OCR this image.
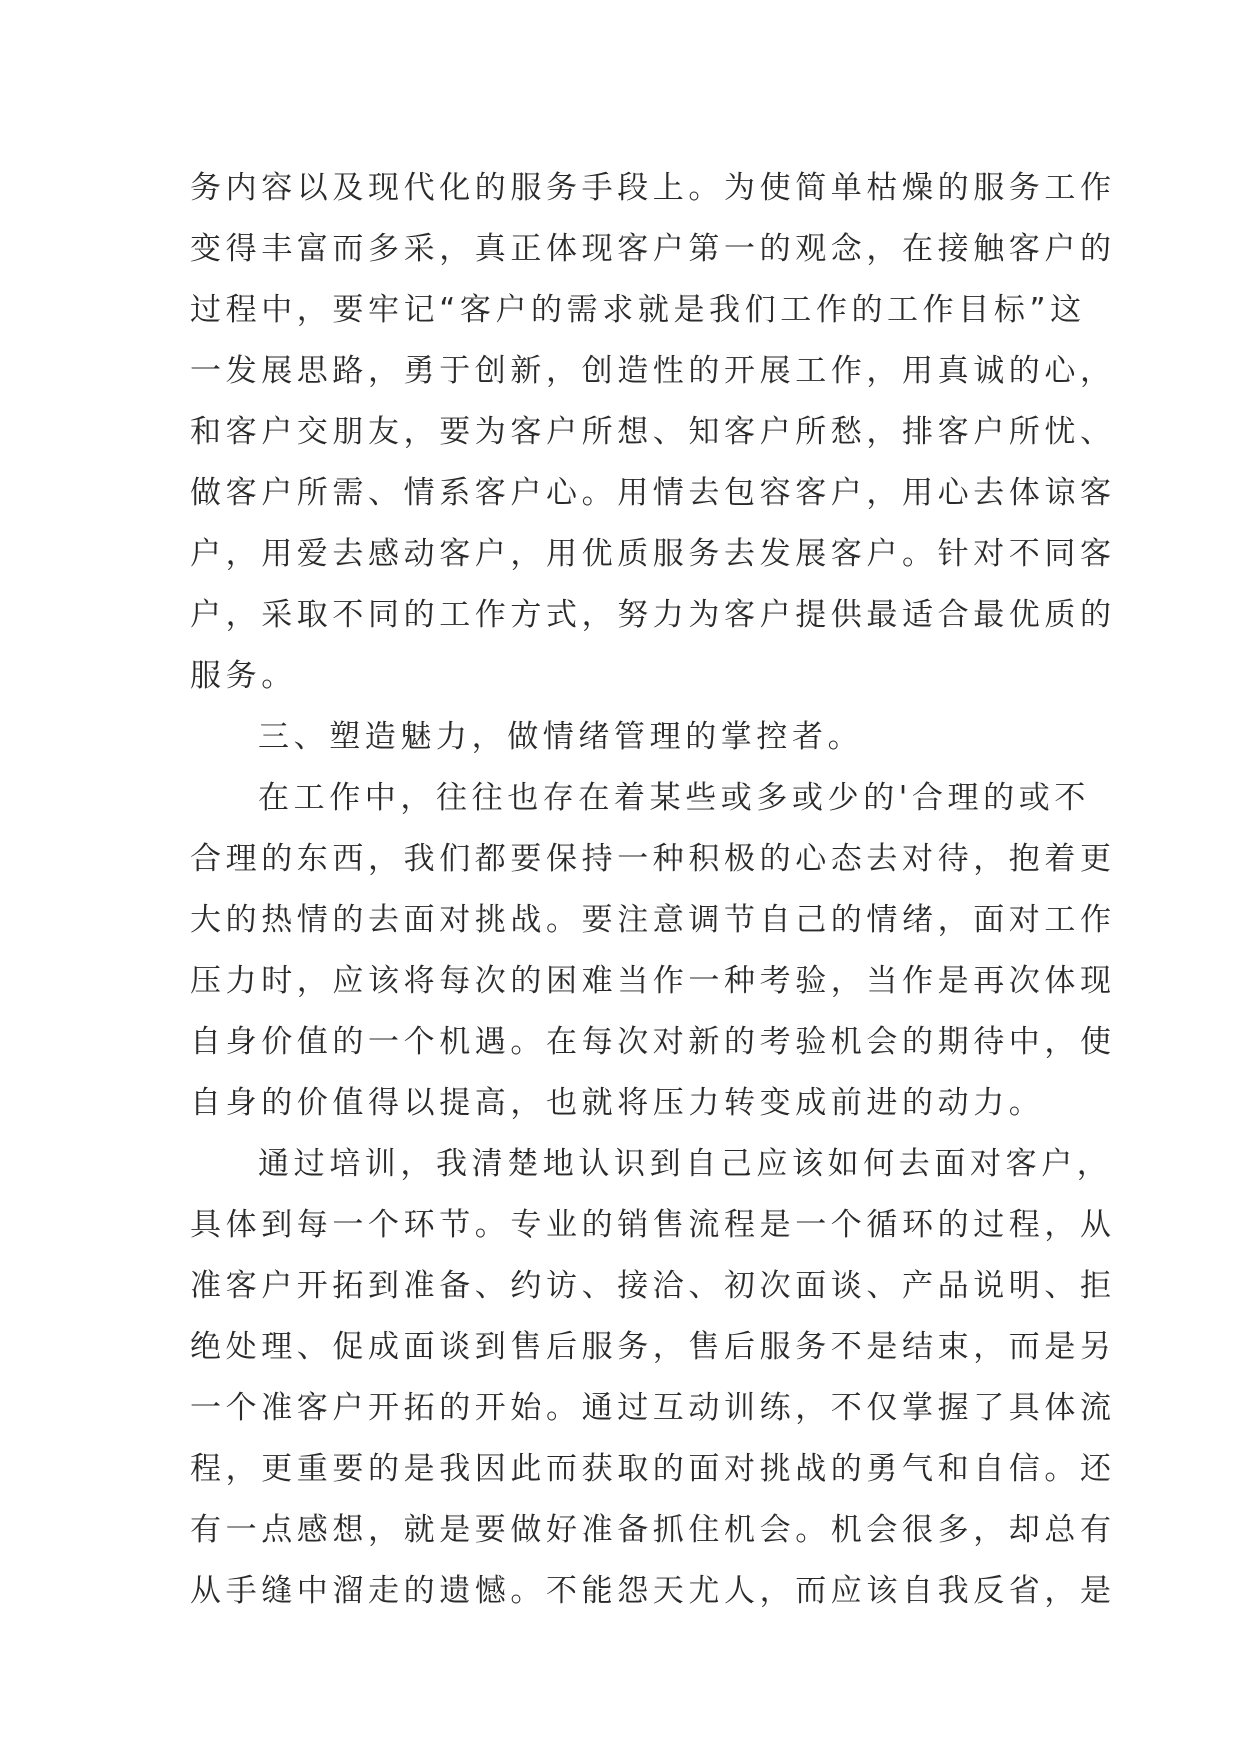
务内容以及现代化的服务手段上。为使简单枯燥的服务工作
变得丰富而多采，真正体现客户第一的观念，在接触客户的
过程中，要牢记“客户的需求就是我们工作的工作目标”这
一发展思路，勇于创新，创造性的开展工作，用真诚的心，
和客户交朋友，要为客户所想、知客户所愁，排客户所忧、
做客户所需、情系客户心。用情去包容客户，用心去体谅客
户，用爱去感动客户，用优质服务去发展客户。针对不同客
户，采取不同的工作方式，努力为客户提供最适合最优质的
服务。
三、塑造魅力，做情绪管理的掌控者。
在工作中，往往也存在着某些或多或少的'合理的或不
合理的东西，我们都要保持一种积极的心态去对待，抱着更
大的热情的去面对挑战。要注意调节自己的情绪，面对工作
压力时，应该将每次的困难当作一种考验，当作是再次体现
自身价值的一个机遇。在每次对新的考验机会的期待中，使
自身的价值得以提高，也就将压力转变成前进的动力。
通过培训，我清楚地认识到自己应该如何去面对客户，
具体到每一个环节。专业的销售流程是一个循环的过程，从
准客户开拓到准备、约访、接洽、初次面谈、产品说明、拒
绝处理、促成面谈到售后服务，售后服务不是结束，而是另
一个准客户开拓的开始。通过互动训练，不仅掌握了具体流
程，更重要的是我因此而获取的面对挑战的勇气和自信。还
有一点感想，就是要做好准备抓住机会。机会很多，却总有
从手缝中溜走的遗憾。不能怨天尤人，而应该自我反省，是
